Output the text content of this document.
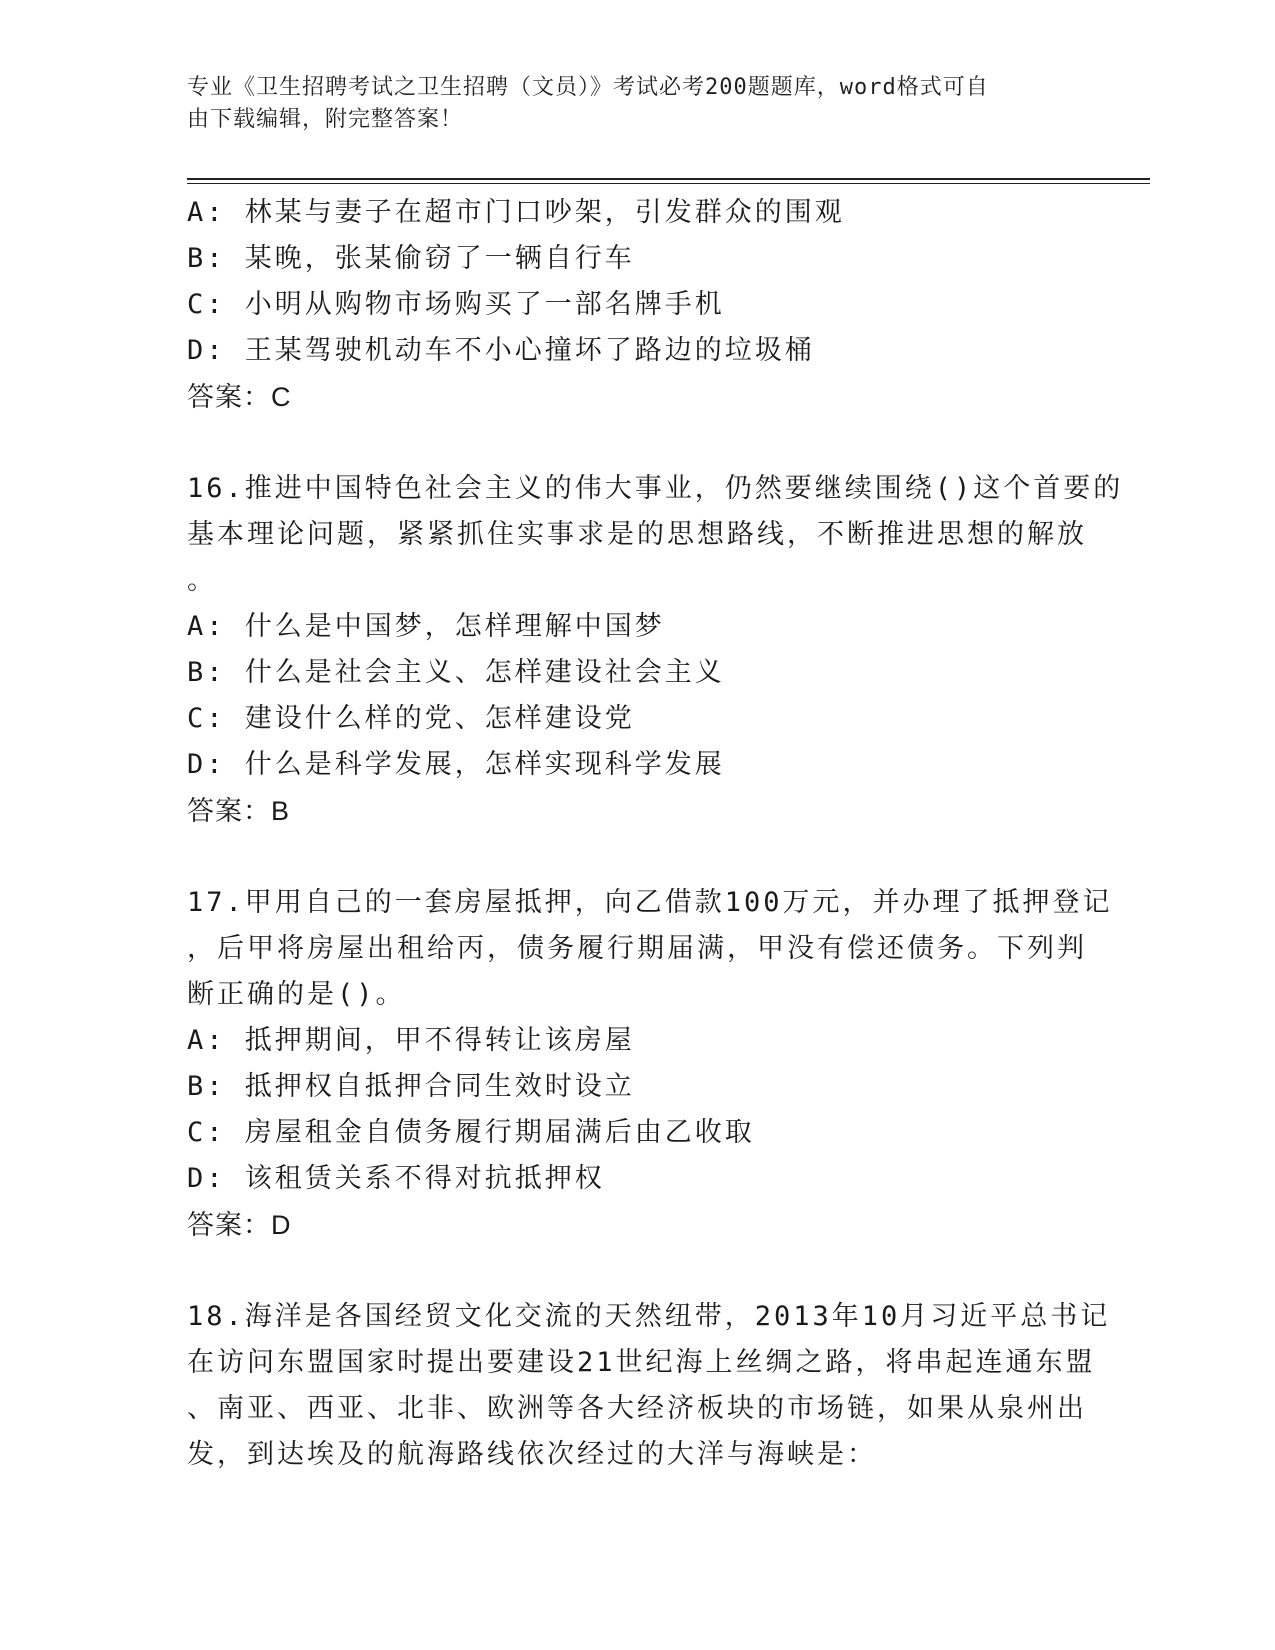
专业《卫生招聘考试之卫生招聘（文员）》考试必考200题题库，word格式可自
由下载编辑，附完整答案！
A: 林某与妻子在超市门口吵架，引发群众的围观
B: 某晚，张某偷窃了一辆自行车
C: 小明从购物市场购买了一部名牌手机
D: 王某驾驶机动车不小心撞坏了路边的垃圾桶
答案：C
16.推进中国特色社会主义的伟大事业，仍然要继续围绕()这个首要的
基本理论问题，紧紧抓住实事求是的思想路线，不断推进思想的解放
。
A: 什么是中国梦，怎样理解中国梦
B: 什么是社会主义、怎样建设社会主义
C: 建设什么样的党、怎样建设党
D: 什么是科学发展，怎样实现科学发展
答案：B
17.甲用自己的一套房屋抵押，向乙借款100万元，并办理了抵押登记
，后甲将房屋出租给丙，债务履行期届满，甲没有偿还债务。下列判
断正确的是()。
A: 抵押期间，甲不得转让该房屋
B: 抵押权自抵押合同生效时设立
C: 房屋租金自债务履行期届满后由乙收取
D: 该租赁关系不得对抗抵押权
答案：D
18.海洋是各国经贸文化交流的天然纽带，2013年10月习近平总书记
在访问东盟国家时提出要建设21世纪海上丝绸之路，将串起连通东盟
、南亚、西亚、北非、欧洲等各大经济板块的市场链，如果从泉州出
发，到达埃及的航海路线依次经过的大洋与海峡是：
